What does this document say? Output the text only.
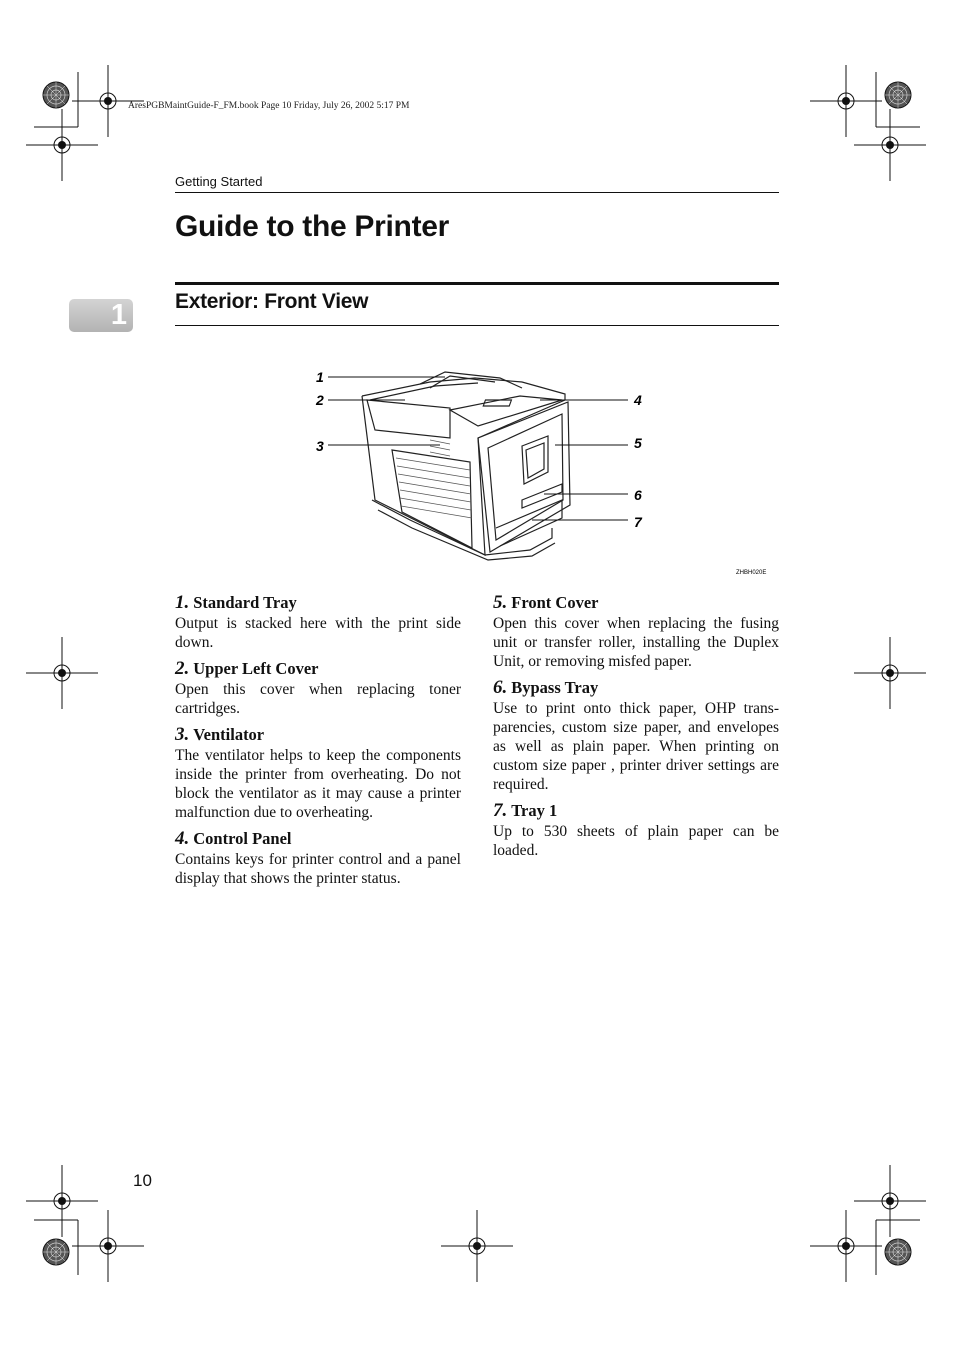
AresPGBMaintGuide-F_FM.book Page 10 Friday, July 26, 2002 5:17 PM
Getting Started
Guide to the Printer
Exterior: Front View
1
1
2
3
4
5
6
7
ZHBH020E
1. Standard Tray
Output is stacked here with the print side down.
2. Upper Left Cover
Open this cover when replacing toner cartridges.
3. Ventilator
The ventilator helps to keep the components inside the printer from overheating. Do not block the ventilator as it may cause a printer malfunction due to overheating.
4. Control Panel
Contains keys for printer control and a panel display that shows the printer status.
5. Front Cover
Open this cover when replacing the fusing unit or transfer roller, installing the Duplex Unit, or removing misfed paper.
6. Bypass Tray
Use to print onto thick paper, OHP transparencies, custom size paper, and envelopes as well as plain paper. When printing on custom size paper , printer driver settings are required.
7. Tray 1
Up to 530 sheets of plain paper can be loaded.
10
